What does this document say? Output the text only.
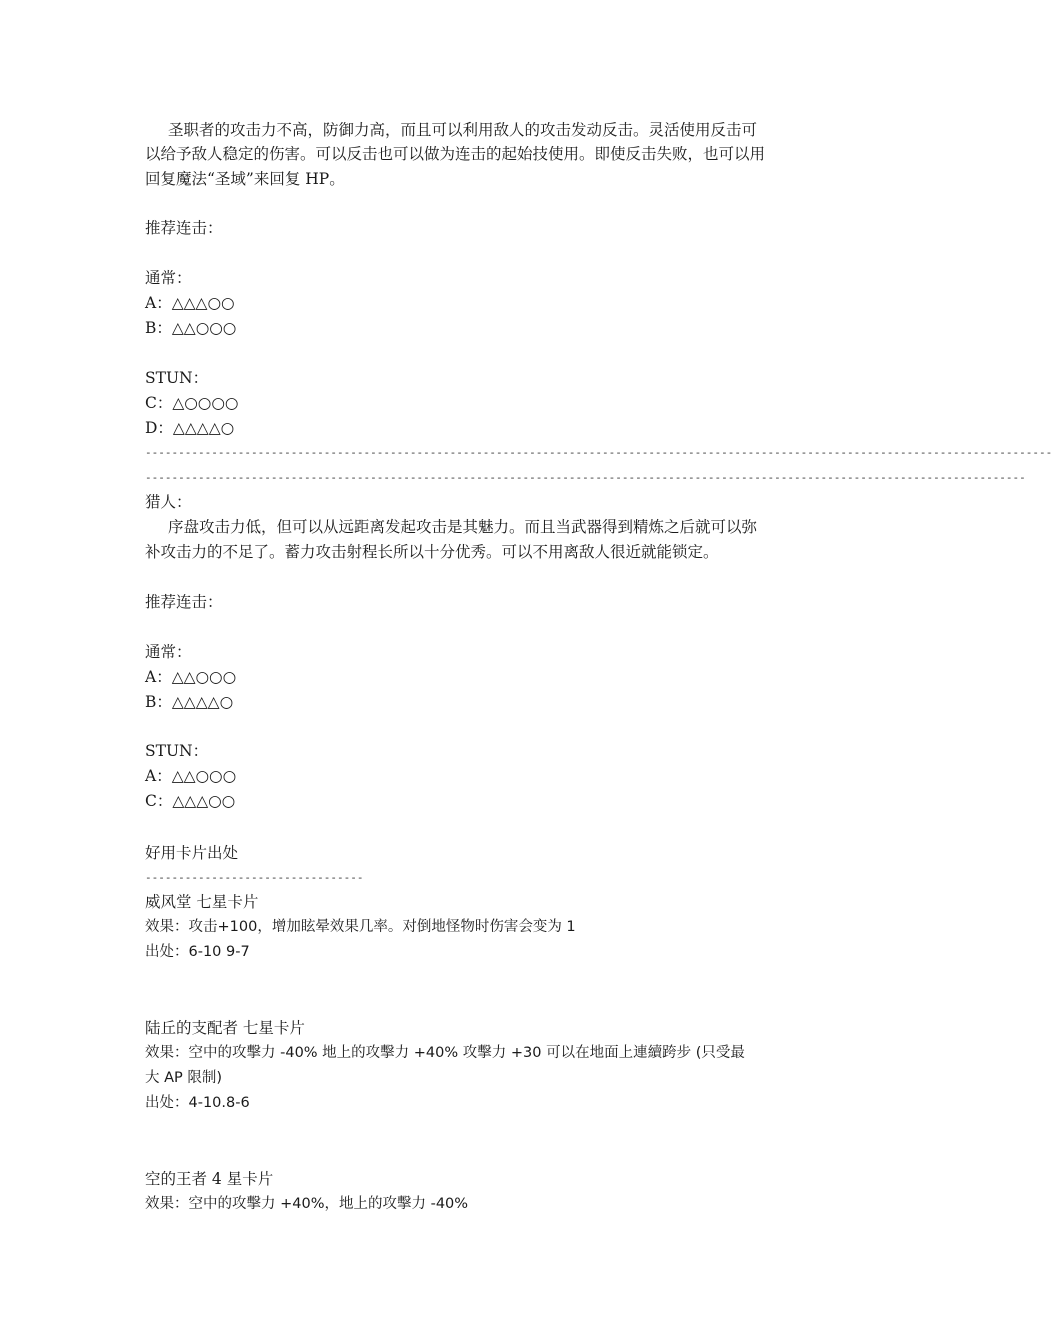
圣职者的攻击力不高，防御力高，而且可以利用敌人的攻击发动反击。灵活使用反击可
以给予敌人稳定的伤害。可以反击也可以做为连击的起始技使用。即使反击失败，也可以用
回复魔法“圣域”来回复 HP。
推荐连击：
通常：
A：△△△○○
B：△△○○○
STUN：
C：△○○○○
D：△△△△○
-----------------------------------------------------------------------------------------------------------------------------------------
-------------------------------------------------------------------------------------------------------------------------------------
猎人：
序盘攻击力低，但可以从远距离发起攻击是其魅力。而且当武器得到精炼之后就可以弥
补攻击力的不足了。蓄力攻击射程长所以十分优秀。可以不用离敌人很近就能锁定。
推荐连击：
通常：
A：△△○○○
B：△△△△○
STUN：
A：△△○○○
C：△△△○○
好用卡片出处
---------------------------------
威风堂 七星卡片
效果：攻击+100，增加眩晕效果几率。对倒地怪物时伤害会变为 1
出处：6-10 9-7
陆丘的支配者 七星卡片
效果：空中的攻擊力 -40% 地上的攻擊力 +40% 攻擊力 +30 可以在地面上連續跨步 (只受最
大 AP 限制)
出处：4-10.8-6
空的王者 4 星卡片
效果：空中的攻擊力 +40%，地上的攻擊力 -40%
